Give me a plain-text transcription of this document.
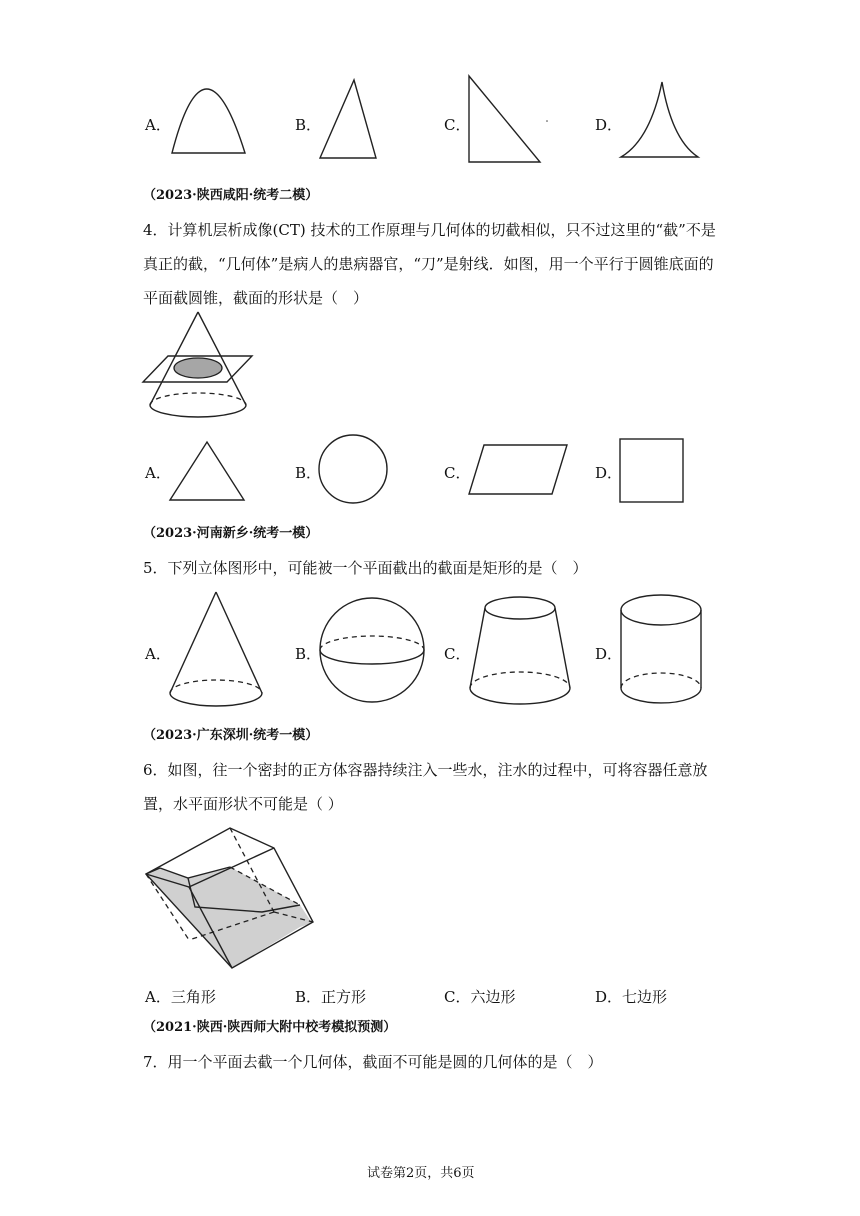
A．	B．	C．	D．
（2023·陕西咸阳·统考二模）
4．计算机层析成像(CT) 技术的工作原理与几何体的切截相似，只不过这里的“截”不是
真正的截，“几何体”是病人的患病器官，“刀”是射线．如图，用一个平行于圆锥底面的
平面截圆锥，截面的形状是（　）
A．	B．	C．	D．
（2023·河南新乡·统考一模）
5．下列立体图形中，可能被一个平面截出的截面是矩形的是（　）
A．	B．	C．	D．
（2023·广东深圳·统考一模）
6．如图，往一个密封的正方体容器持续注入一些水，注水的过程中，可将容器任意放
置，水平面形状不可能是（ ）
A．三角形	B．正方形	C．六边形	D．七边形
（2021·陕西·陕西师大附中校考模拟预测）
7．用一个平面去截一个几何体，截面不可能是圆的几何体的是（　）
试卷第2页，共6页
